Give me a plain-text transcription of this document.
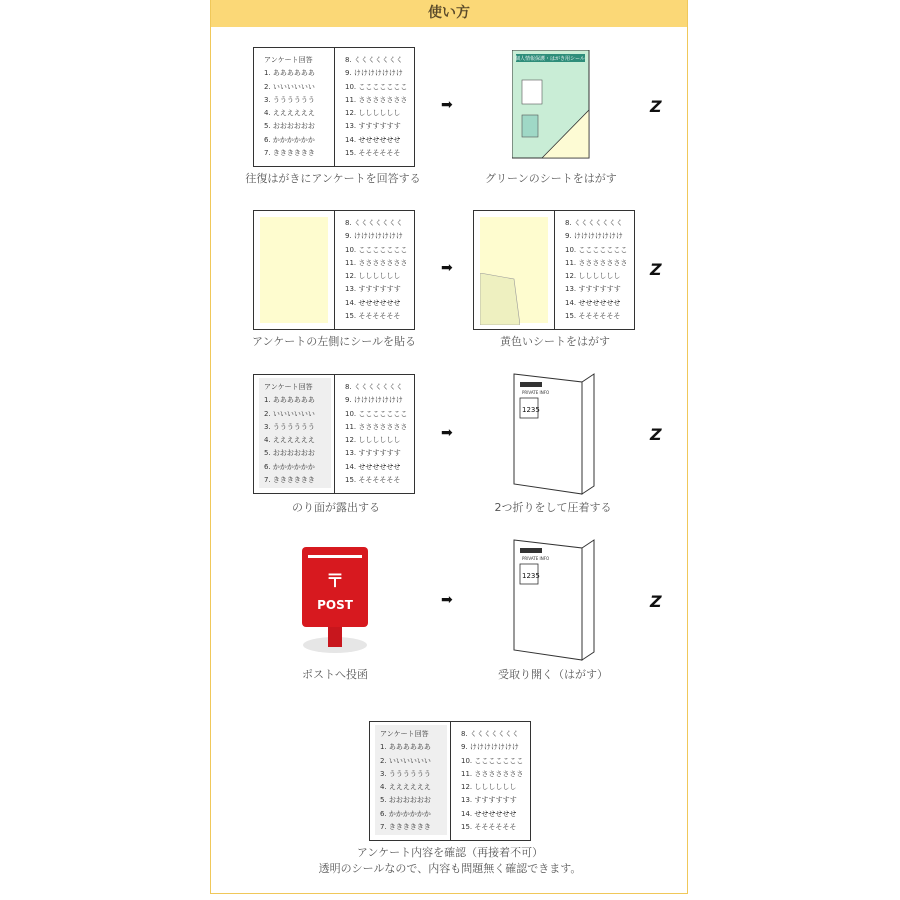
使い方
アンケート回答
1. ああああああ
2. いいいいいい
3. うううううう
4. ええええええ
5. おおおおおお
6. かかかかかか
7. きききききき
8. くくくくくくく
9. けけけけけけけ
10. こここここここ
11. さささささささ
12. しししししし
13. すすすすすす
14. せせせせせせ
15. そそそそそそ
往復はがきにアンケートを回答する
➡
個人情報保護・はがき用シール
グリーンのシートをはがす
Z
8. くくくくくくく
9. けけけけけけけ
10. こここここここ
11. さささささささ
12. しししししし
13. すすすすすす
14. せせせせせせ
15. そそそそそそ
アンケートの左側にシールを貼る
➡
8. くくくくくくく
9. けけけけけけけ
10. こここここここ
11. さささささささ
12. しししししし
13. すすすすすす
14. せせせせせせ
15. そそそそそそ
黄色いシートをはがす
Z
アンケート回答
1. ああああああ
2. いいいいいい
3. うううううう
4. ええええええ
5. おおおおおお
6. かかかかかか
7. きききききき
8. くくくくくくく
9. けけけけけけけ
10. こここここここ
11. さささささささ
12. しししししし
13. すすすすすす
14. せせせせせせ
15. そそそそそそ
のり面が露出する
➡
PRIVATE INFO
1235
2つ折りをして圧着する
Z
〒
POST
ポストへ投函
➡
PRIVATE INFO
1235
受取り開く（はがす）
Z
アンケート回答
1. ああああああ
2. いいいいいい
3. うううううう
4. ええええええ
5. おおおおおお
6. かかかかかか
7. きききききき
8. くくくくくくく
9. けけけけけけけ
10. こここここここ
11. さささささささ
12. しししししし
13. すすすすすす
14. せせせせせせ
15. そそそそそそ
アンケート内容を確認（再接着不可）
透明のシールなので、内容も問題無く確認できます。
